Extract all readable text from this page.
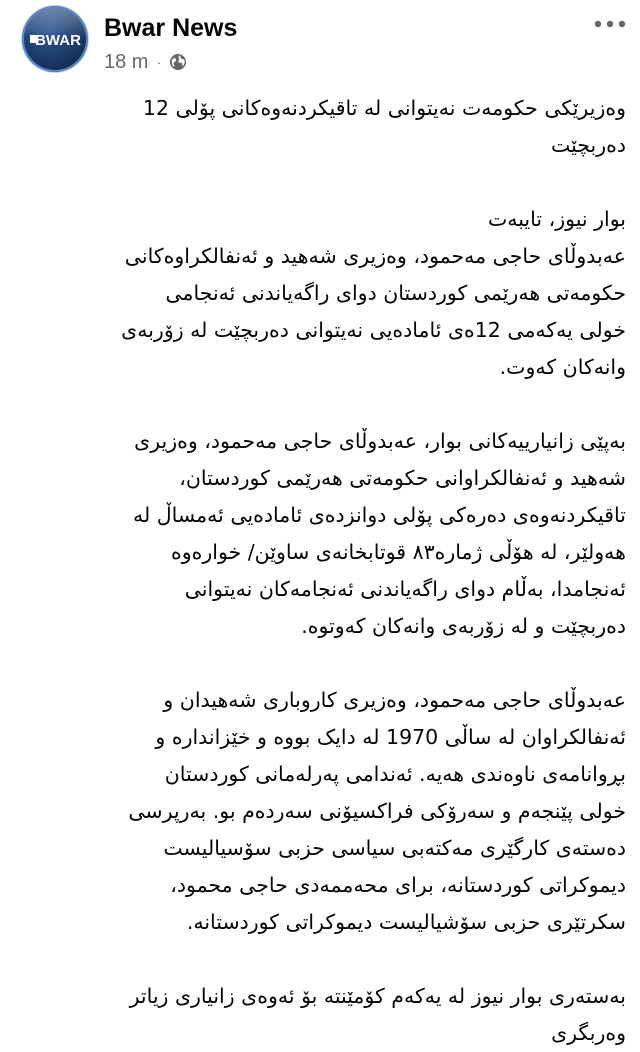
BWAR Bwar News
18 m ·

وەزیرێکی حکومەت نەیتوانی لە تاقیکردنەوەکانی پۆلی 12
دەربچێت

بوار نیوز، تایبەت
عەبدوڵای حاجی مەحمود، وەزیری شەهید و ئەنفالکراوەکانی
حکومەتی هەرێمی کوردستان دوای راگەیاندنی ئەنجامی
خولی یەکەمی 12ەی ئامادەیی نەیتوانی دەربچێت لە زۆربەی
وانەکان کەوت.

بەپێی زانیارییەکانی بوار، عەبدوڵای حاجی مەحمود، وەزیری
شەهید و ئەنفالکراوانی حکومەتی هەرێمی کوردستان،
تاقیکردنەوەی دەرەکی پۆلی دوانزدەی ئامادەیی ئەمساڵ لە
هەولێر، لە هۆڵی ژمارە٨٣ قوتابخانەی ساوێن/ خوارەوە
ئەنجامدا، بەڵام دوای راگەیاندنی ئەنجامەکان نەیتوانی
دەربچێت و لە زۆربەی وانەکان کەوتوە.

عەبدوڵای حاجی مەحمود، وەزیری کاروباری شەهیدان و
ئەنفالکراوان لە ساڵی 1970 لە دایک بووە و خێزاندارە و
بڕوانامەی ناوەندی هەیە. ئەندامی پەرلەمانی کوردستان
خولی پێنجەم و سەرۆکی فراکسیۆنی سەردەم بو. بەرپرسی
دەستەی کارگێری مەکتەبی سیاسی حزبی سۆسیالیست
دیموکراتی کوردستانە، برای محەممەدی حاجی محمود،
سکرتێری حزبی سۆشیالیست دیموکراتی کوردستانە.

بەستەری بوار نیوز لە یەکەم کۆمێنتە بۆ ئەوەی زانیاری زیاتر
وەربگری
